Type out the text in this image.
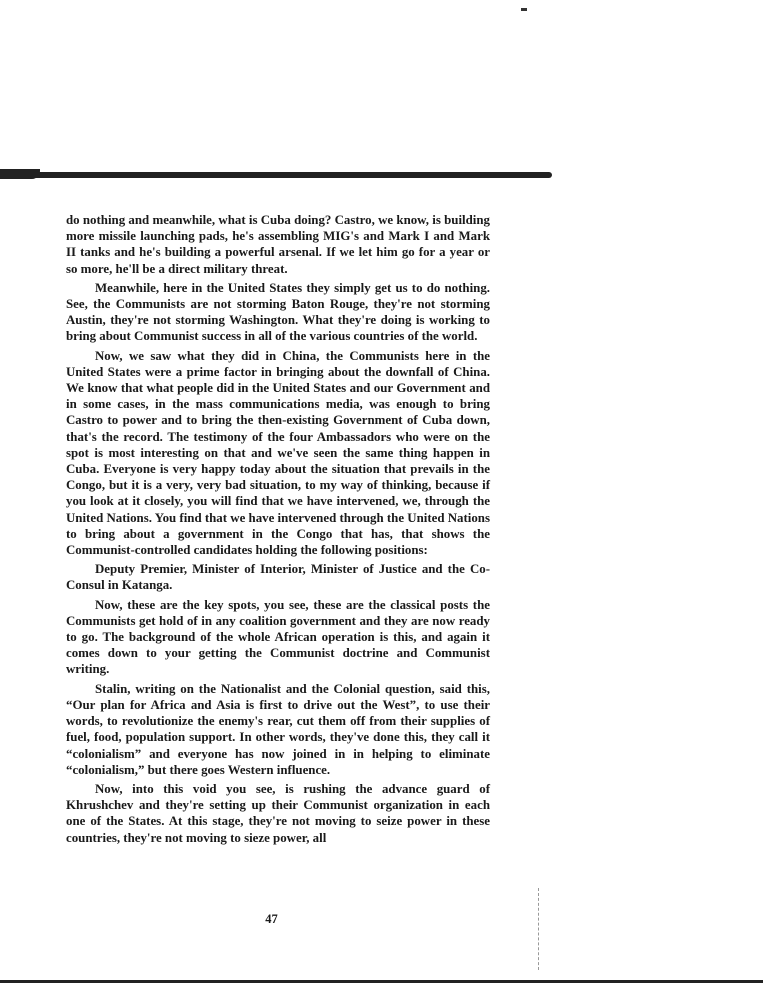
do nothing and meanwhile, what is Cuba doing? Castro, we know, is building more missile launching pads, he's assembling MIG's and Mark I and Mark II tanks and he's building a powerful arsenal. If we let him go for a year or so more, he'll be a direct military threat.

Meanwhile, here in the United States they simply get us to do nothing. See, the Communists are not storming Baton Rouge, they're not storming Austin, they're not storming Washington. What they're doing is working to bring about Communist success in all of the various countries of the world.

Now, we saw what they did in China, the Communists here in the United States were a prime factor in bringing about the downfall of China. We know that what people did in the United States and our Government and in some cases, in the mass communications media, was enough to bring Castro to power and to bring the then-existing Government of Cuba down, that's the record. The testimony of the four Ambassadors who were on the spot is most interesting on that and we've seen the same thing happen in Cuba. Everyone is very happy today about the situation that prevails in the Congo, but it is a very, very bad situation, to my way of thinking, because if you look at it closely, you will find that we have intervened, we, through the United Nations. You find that we have intervened through the United Nations to bring about a government in the Congo that has, that shows the Communist-controlled candidates holding the following positions:

Deputy Premier, Minister of Interior, Minister of Justice and the Co-Consul in Katanga.

Now, these are the key spots, you see, these are the classical posts the Communists get hold of in any coalition government and they are now ready to go. The background of the whole African operation is this, and again it comes down to your getting the Communist doctrine and Communist writing.

Stalin, writing on the Nationalist and the Colonial question, said this, “Our plan for Africa and Asia is first to drive out the West”, to use their words, to revolutionize the enemy's rear, cut them off from their supplies of fuel, food, population support. In other words, they've done this, they call it “colonialism” and everyone has now joined in in helping to eliminate “colonialism,” but there goes Western influence.

Now, into this void you see, is rushing the advance guard of Khrushchev and they're setting up their Communist organization in each one of the States. At this stage, they're not moving to seize power in these countries, they're not moving to sieze power, all

47
